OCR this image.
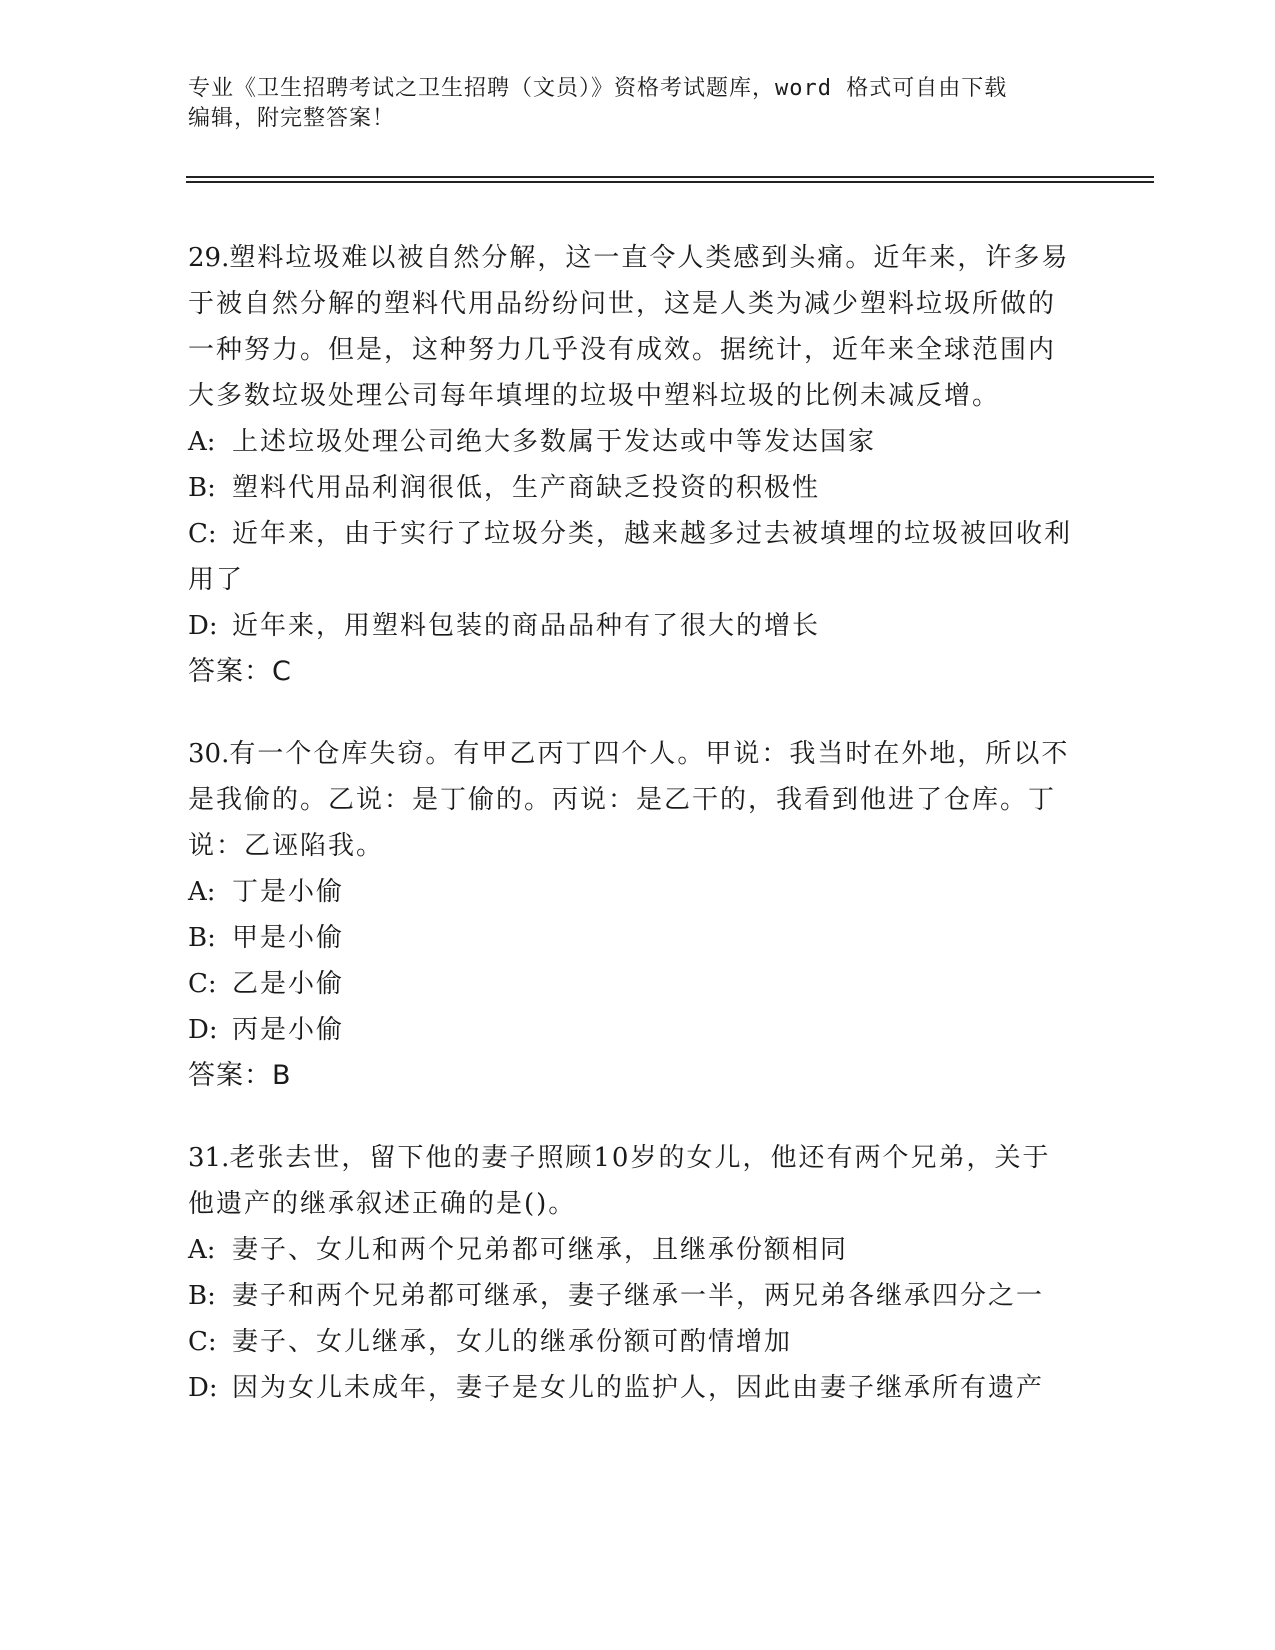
专业《卫生招聘考试之卫生招聘（文员）》资格考试题库，word 格式可自由下载
编辑，附完整答案！
29.塑料垃圾难以被自然分解，这一直令人类感到头痛。近年来，许多易于被自然分解的塑料代用品纷纷问世，这是人类为减少塑料垃圾所做的一种努力。但是，这种努力几乎没有成效。据统计，近年来全球范围内大多数垃圾处理公司每年填埋的垃圾中塑料垃圾的比例未减反增。
A: 上述垃圾处理公司绝大多数属于发达或中等发达国家
B: 塑料代用品利润很低，生产商缺乏投资的积极性
C: 近年来，由于实行了垃圾分类，越来越多过去被填埋的垃圾被回收利用了
D: 近年来，用塑料包装的商品品种有了很大的增长
答案：C
30.有一个仓库失窃。有甲乙丙丁四个人。甲说：我当时在外地，所以不是我偷的。乙说：是丁偷的。丙说：是乙干的，我看到他进了仓库。丁说：乙诬陷我。
A: 丁是小偷
B: 甲是小偷
C: 乙是小偷
D: 丙是小偷
答案：B
31.老张去世，留下他的妻子照顾10岁的女儿，他还有两个兄弟，关于他遗产的继承叙述正确的是()。
A: 妻子、女儿和两个兄弟都可继承，且继承份额相同
B: 妻子和两个兄弟都可继承，妻子继承一半，两兄弟各继承四分之一
C: 妻子、女儿继承，女儿的继承份额可酌情增加
D: 因为女儿未成年，妻子是女儿的监护人，因此由妻子继承所有遗产
